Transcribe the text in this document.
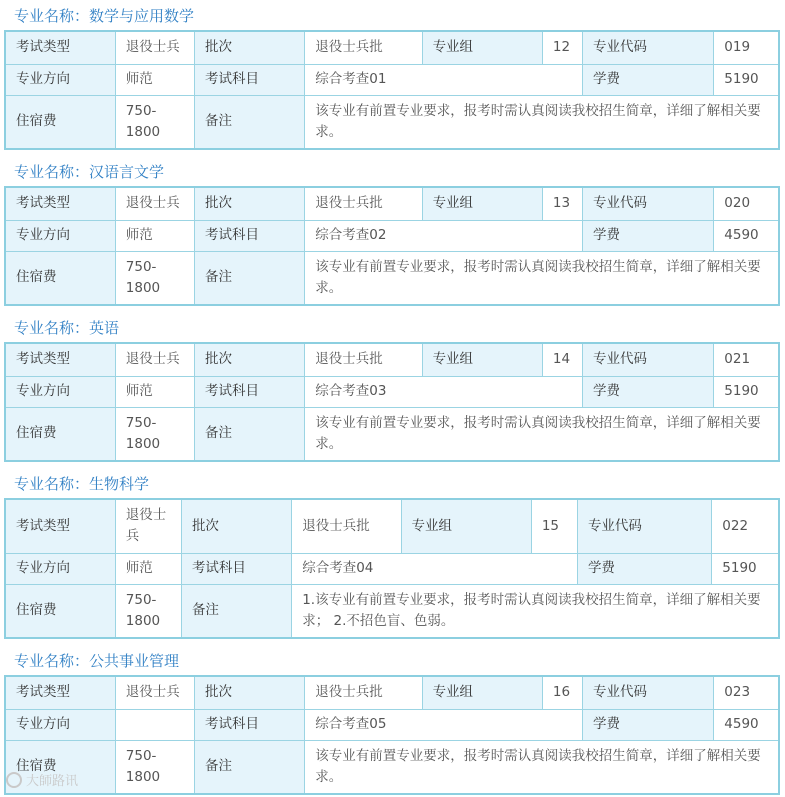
专业名称：数学与应用数学
考试类型	退役士兵	批次	退役士兵批	专业组	12	专业代码	019
专业方向	师范	考试科目	综合考查01			学费	5190
住宿费	750-1800	备注	该专业有前置专业要求，报考时需认真阅读我校招生简章，详细了解相关要求。				
专业名称：汉语言文学
考试类型	退役士兵	批次	退役士兵批	专业组	13	专业代码	020
专业方向	师范	考试科目	综合考查02			学费	4590
住宿费	750-1800	备注	该专业有前置专业要求，报考时需认真阅读我校招生简章，详细了解相关要求。				
专业名称：英语
考试类型	退役士兵	批次	退役士兵批	专业组	14	专业代码	021
专业方向	师范	考试科目	综合考查03			学费	5190
住宿费	750-1800	备注	该专业有前置专业要求，报考时需认真阅读我校招生简章，详细了解相关要求。				
专业名称：生物科学
考试类型	退役士兵	批次	退役士兵批	专业组	15	专业代码	022
专业方向	师范	考试科目	综合考查04			学费	5190
住宿费	750-1800	备注	1.该专业有前置专业要求，报考时需认真阅读我校招生简章，详细了解相关要求； 2.不招色盲、色弱。				
专业名称：公共事业管理
考试类型	退役士兵	批次	退役士兵批	专业组	16	专业代码	023
专业方向		考试科目	综合考查05			学费	4590
住宿费	750-1800	备注	该专业有前置专业要求，报考时需认真阅读我校招生简章，详细了解相关要求。				
大師路讯
